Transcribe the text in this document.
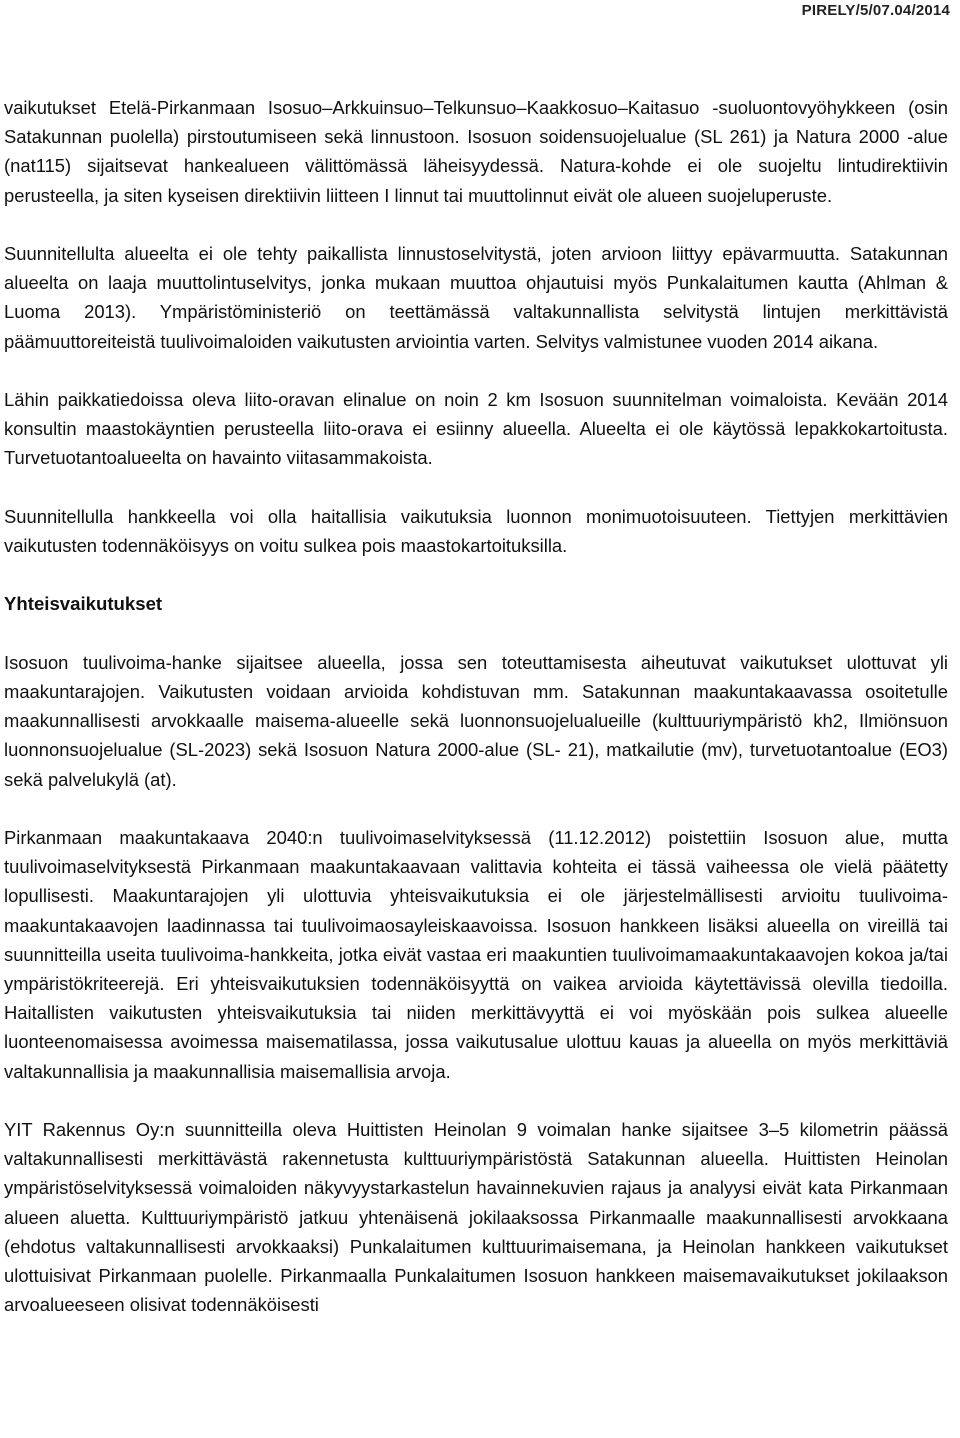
PIRELY/5/07.04/2014

vaikutukset Etelä-Pirkanmaan Isosuo–Arkkuinsuo–Telkunsuo–Kaakkosuo–Kaitasuo -suoluontovyöhykkeen (osin Satakunnan puolella) pirstoutumiseen sekä linnustoon. Isosuon soidensuojelualue (SL 261) ja Natura 2000 -alue (nat115) sijaitsevat hankealueen välittömässä läheisyydessä. Natura-kohde ei ole suojeltu lintudirektiivin perusteella, ja siten kyseisen direktiivin liitteen I linnut tai muuttolinnut eivät ole alueen suojeluperuste.

Suunnitellulta alueelta ei ole tehty paikallista linnustoselvitystä, joten arvioon liittyy epävarmuutta. Satakunnan alueelta on laaja muuttolintuselvitys, jonka mukaan muuttoa ohjautuisi myös Punkalaitumen kautta (Ahlman & Luoma 2013). Ympäristöministeriö on teettämässä valtakunnallista selvitystä lintujen merkittävistä päämuuttoreiteistä tuulivoimaloiden vaikutusten arviointia varten. Selvitys valmistunee vuoden 2014 aikana.

Lähin paikkatiedoissa oleva liito-oravan elinalue on noin 2 km Isosuon suunnitelman voimaloista. Kevään 2014 konsultin maastokäyntien perusteella liito-orava ei esiinny alueella. Alueelta ei ole käytössä lepakkokartoitusta. Turvetuotantoalueelta on havainto viitasammakoista.

Suunnitellulla hankkeella voi olla haitallisia vaikutuksia luonnon monimuotoisuuteen. Tiettyjen merkittävien vaikutusten todennäköisyys on voitu sulkea pois maastokartoituksilla.

Yhteisvaikutukset

Isosuon tuulivoima-hanke sijaitsee alueella, jossa sen toteuttamisesta aiheutuvat vaikutukset ulottuvat yli maakuntarajojen. Vaikutusten voidaan arvioida kohdistuvan mm. Satakunnan maakuntakaavassa osoitetulle maakunnallisesti arvokkaalle maisema-alueelle sekä luonnonsuojelualueille (kulttuuriympäristö kh2, Ilmiönsuon luonnonsuojelualue (SL-2023) sekä Isosuon Natura 2000-alue (SL- 21), matkailutie (mv), turvetuotantoalue (EO3) sekä palvelukylä (at).

Pirkanmaan maakuntakaava 2040:n tuulivoimaselvityksessä (11.12.2012) poistettiin Isosuon alue, mutta tuulivoimaselvityksestä Pirkanmaan maakuntakaavaan valittavia kohteita ei tässä vaiheessa ole vielä päätetty lopullisesti. Maakuntarajojen yli ulottuvia yhteisvaikutuksia ei ole järjestelmällisesti arvioitu tuulivoima-maakuntakaavojen laadinnassa tai tuulivoimaosayleiskaavoissa. Isosuon hankkeen lisäksi alueella on vireillä tai suunnitteilla useita tuulivoima-hankkeita, jotka eivät vastaa eri maakuntien tuulivoimamaakuntakaavojen kokoa ja/tai ympäristökriteerejä. Eri yhteisvaikutuksien todennäköisyyttä on vaikea arvioida käytettävissä olevilla tiedoilla. Haitallisten vaikutusten yhteisvaikutuksia tai niiden merkittävyyttä ei voi myöskään pois sulkea alueelle luonteenomaisessa avoimessa maisematilassa, jossa vaikutusalue ulottuu kauas ja alueella on myös merkittäviä valtakunnallisia ja maakunnallisia maisemallisia arvoja.

YIT Rakennus Oy:n suunnitteilla oleva Huittisten Heinolan 9 voimalan hanke sijaitsee 3–5 kilometrin päässä valtakunnallisesti merkittävästä rakennetusta kulttuuriympäristöstä Satakunnan alueella. Huittisten Heinolan ympäristöselvityksessä voimaloiden näkyvyystarkastelun havainnekuvien rajaus ja analyysi eivät kata Pirkanmaan alueen aluetta. Kulttuuriympäristö jatkuu yhtenäisenä jokilaaksossa Pirkanmaalle maakunnallisesti arvokkaana (ehdotus valtakunnallisesti arvokkaaksi) Punkalaitumen kulttuurimaisemana, ja Heinolan hankkeen vaikutukset ulottuisivat Pirkanmaan puolelle. Pirkanmaalla Punkalaitumen Isosuon hankkeen maisemavaikutukset jokilaakson arvoalueeseen olisivat todennäköisesti
